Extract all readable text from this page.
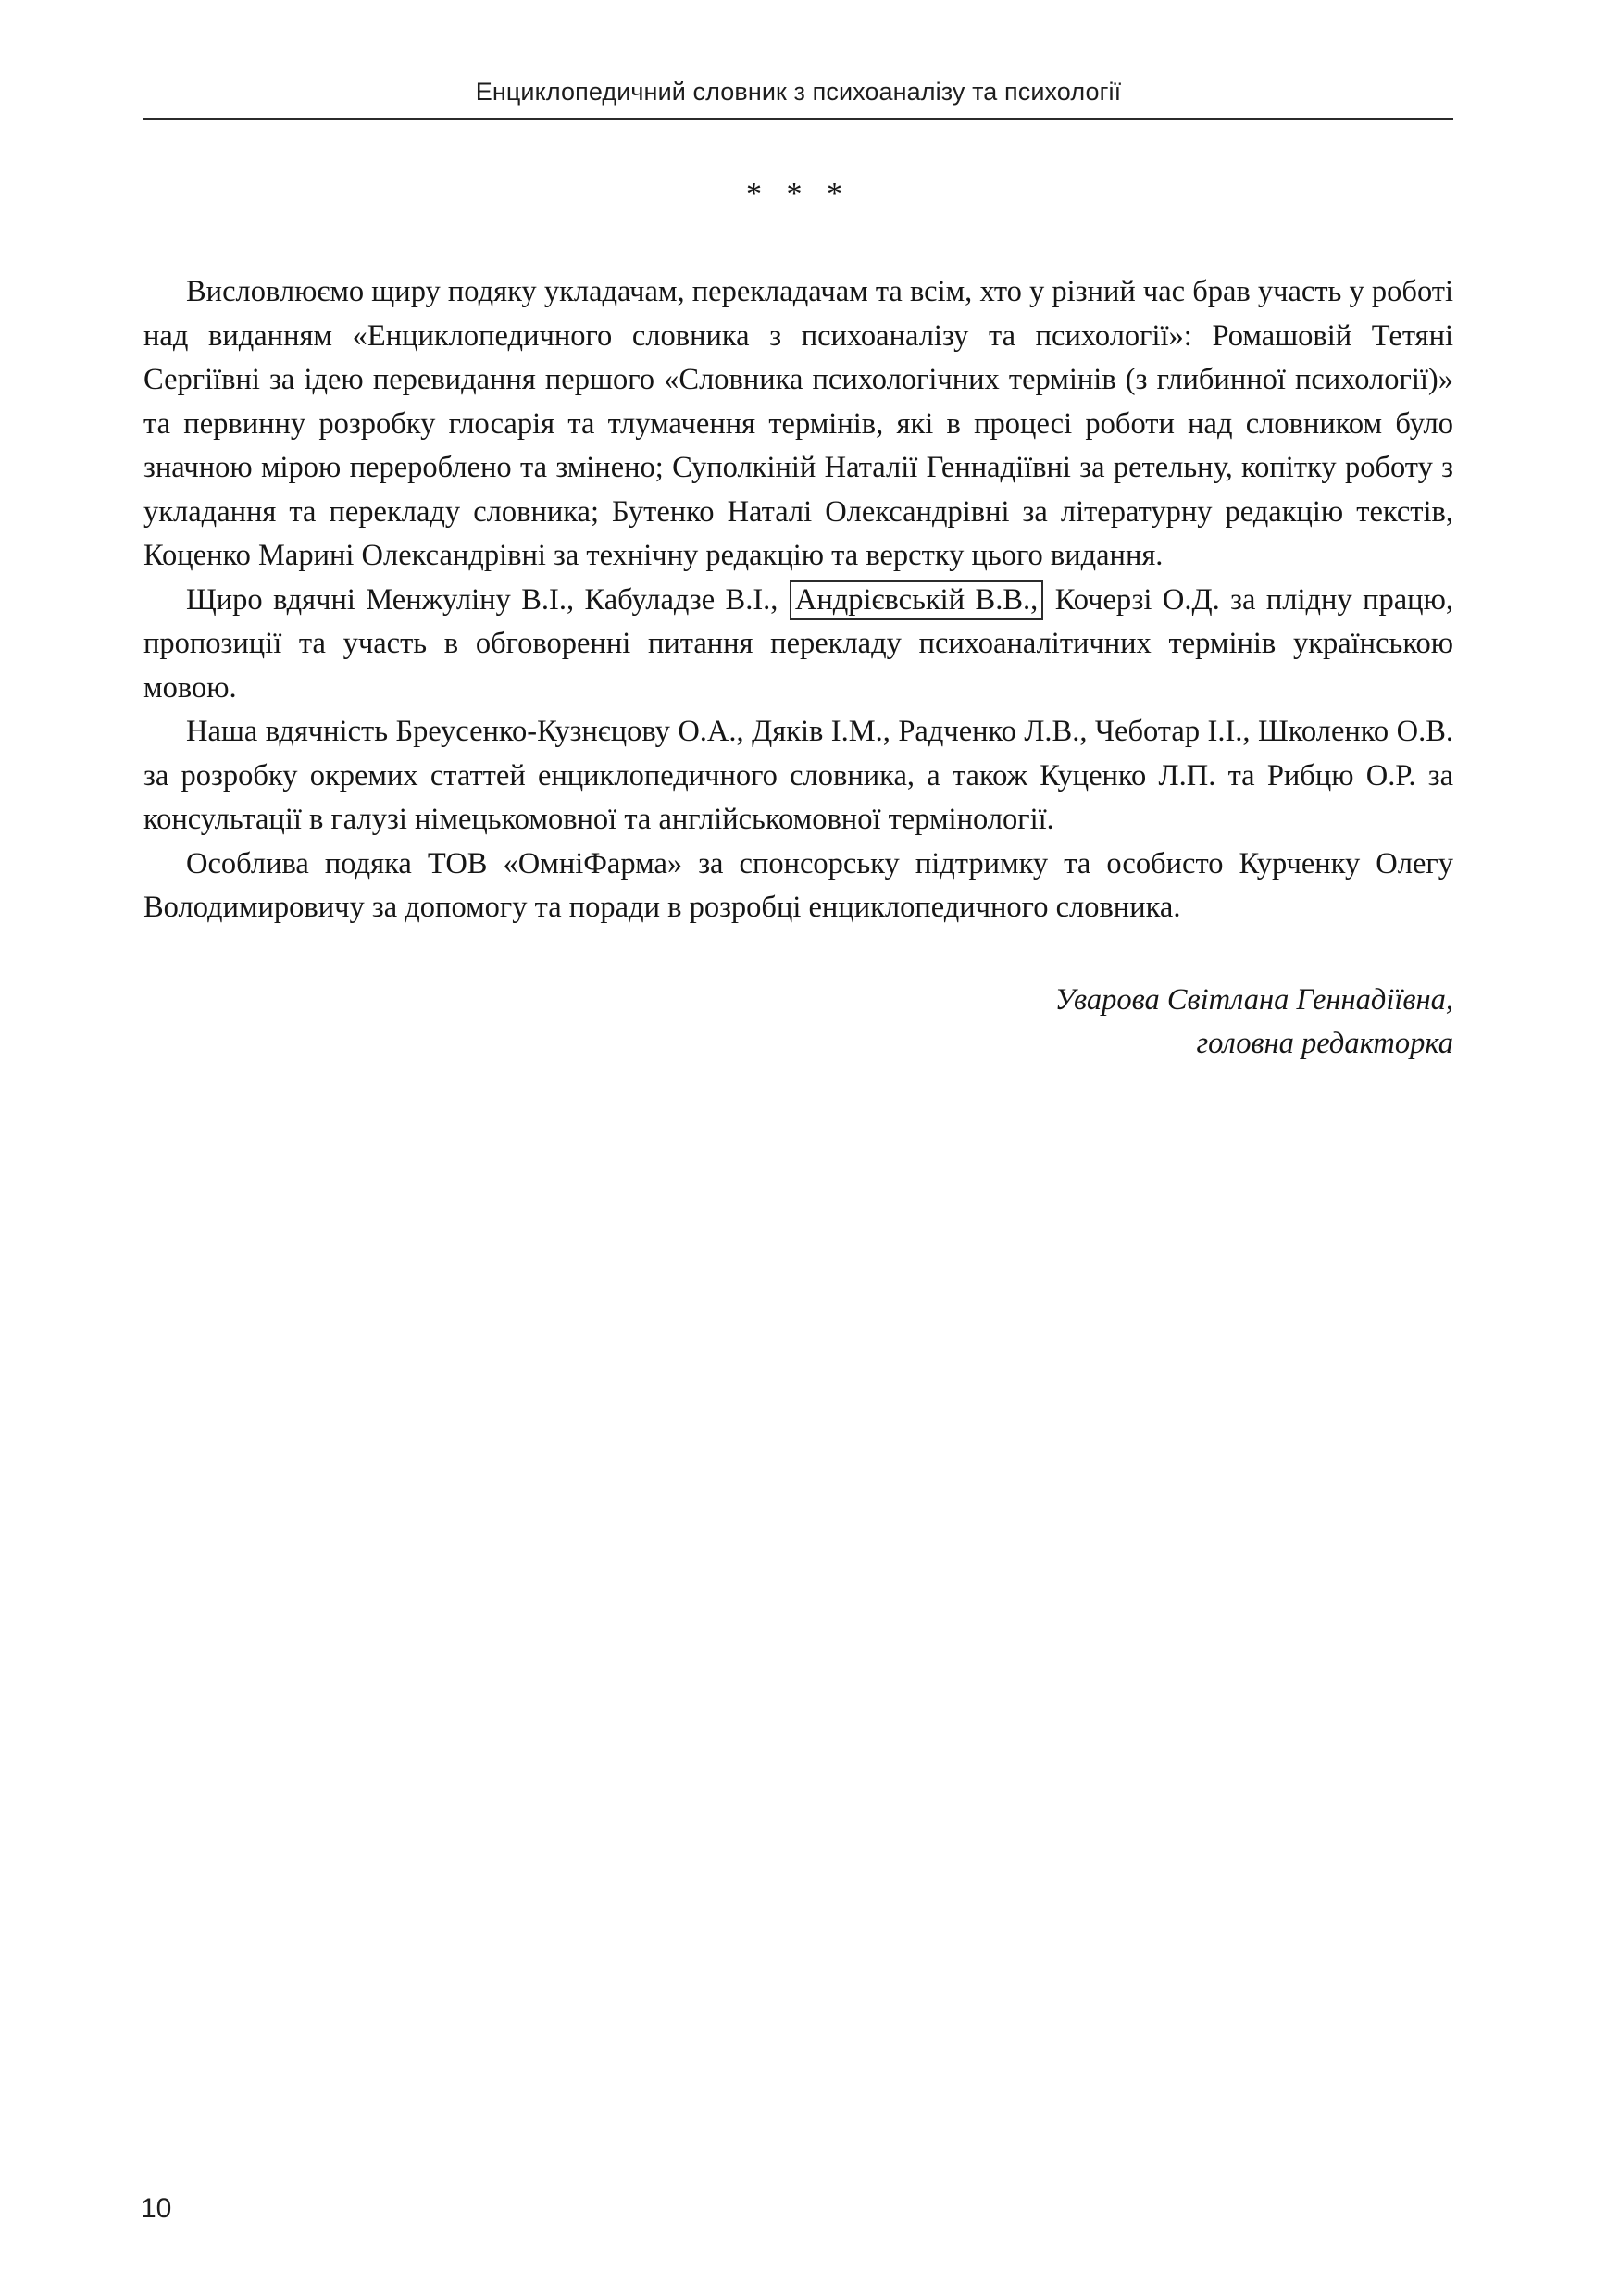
Енциклопедичний словник з психоаналізу та психології
* * *

Висловлюємо щиру подяку укладачам, перекладачам та всім, хто у різний час брав участь у роботі над виданням «Енциклопедичного словника з психоаналізу та психології»: Ромашовій Тетяні Сергіївні за ідею перевидання першого «Словника психологічних термінів (з глибинної психології)» та первинну розробку глосарія та тлумачення термінів, які в процесі роботи над словником було значною мірою перероблено та змінено; Суполкіній Наталії Геннадіївні за ретельну, копітку роботу з укладання та перекладу словника; Бутенко Наталі Олександрівні за літературну редакцію текстів, Коценко Марині Олександрівні за технічну редакцію та верстку цього видання.

Щиро вдячні Менжуліну В.І., Кабуладзе В.І., Андрієвській В.В., Кочерзі О.Д. за плідну працю, пропозиції та участь в обговоренні питання перекладу психоаналітичних термінів українською мовою.

Наша вдячність Бреусенко-Кузнєцову О.А., Дяків І.М., Радченко Л.В., Чеботар І.І., Школенко О.В. за розробку окремих статтей енциклопедичного словника, а також Куценко Л.П. та Рибцю О.Р. за консультації в галузі німецькомовної та англійськомовної термінології.

Особлива подяка ТОВ «ОмніФарма» за спонсорську підтримку та особисто Курченку Олегу Володимировичу за допомогу та поради в розробці енциклопедичного словника.

Уварова Світлана Геннадіївна,
головна редакторка
10
